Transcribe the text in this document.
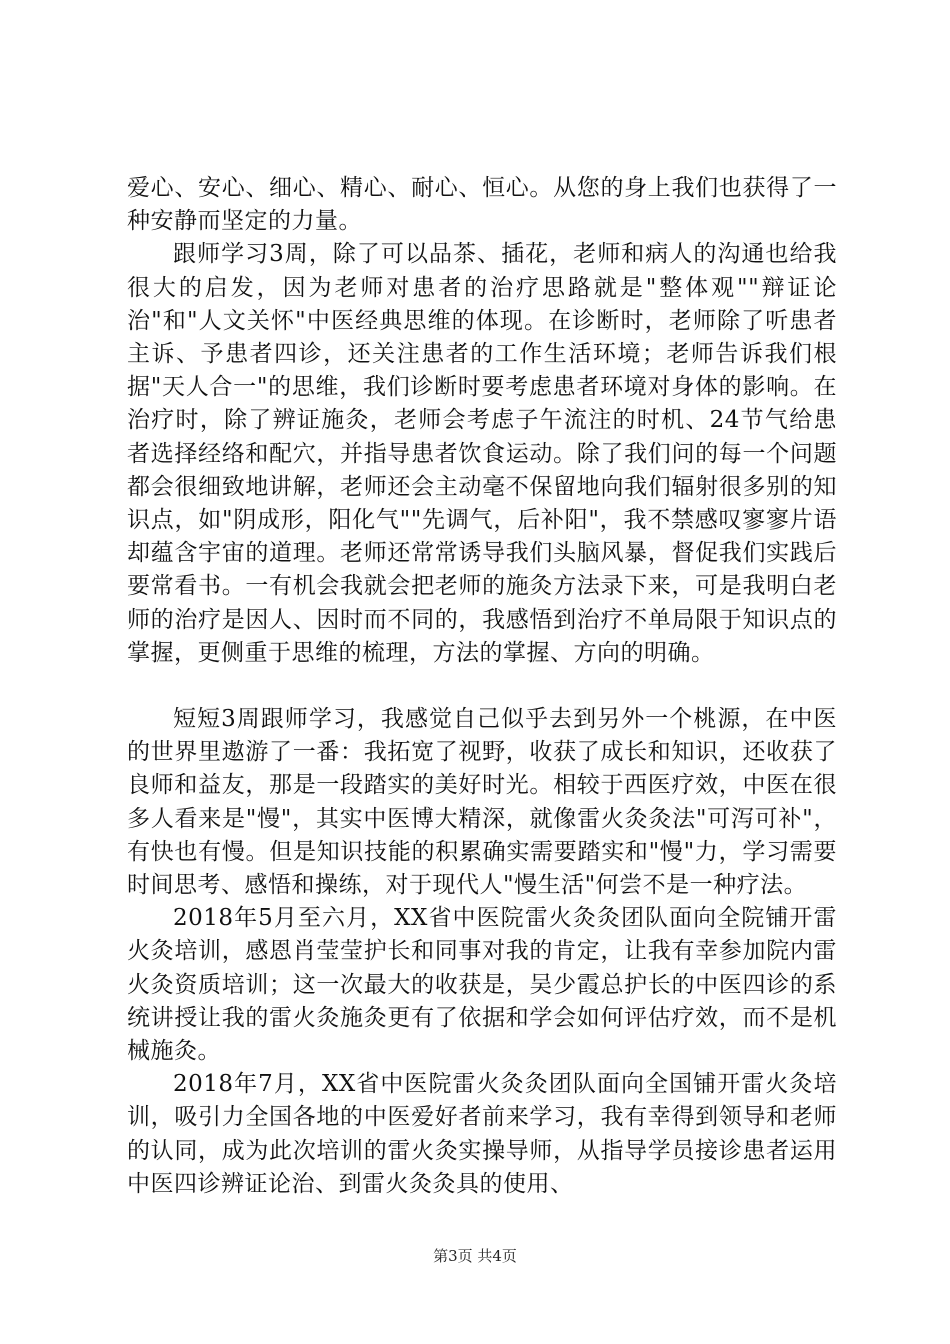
爱心、安心、细心、精心、耐心、恒心。从您的身上我们也获得了一种安静而坚定的力量。

跟师学习3周，除了可以品茶、插花，老师和病人的沟通也给我很大的启发，因为老师对患者的治疗思路就是"整体观""辩证论治"和"人文关怀"中医经典思维的体现。在诊断时，老师除了听患者主诉、予患者四诊，还关注患者的工作生活环境；老师告诉我们根据"天人合一"的思维，我们诊断时要考虑患者环境对身体的影响。在治疗时，除了辨证施灸，老师会考虑子午流注的时机、24节气给患者选择经络和配穴，并指导患者饮食运动。除了我们问的每一个问题都会很细致地讲解，老师还会主动毫不保留地向我们辐射很多别的知识点，如"阴成形，阳化气""先调气，后补阳"，我不禁感叹寥寥片语却蕴含宇宙的道理。老师还常常诱导我们头脑风暴，督促我们实践后要常看书。一有机会我就会把老师的施灸方法录下来，可是我明白老师的治疗是因人、因时而不同的，我感悟到治疗不单局限于知识点的掌握，更侧重于思维的梳理，方法的掌握、方向的明确。

短短3周跟师学习，我感觉自己似乎去到另外一个桃源，在中医的世界里遨游了一番：我拓宽了视野，收获了成长和知识，还收获了良师和益友，那是一段踏实的美好时光。相较于西医疗效，中医在很多人看来是"慢"，其实中医博大精深，就像雷火灸灸法"可泻可补"，有快也有慢。但是知识技能的积累确实需要踏实和"慢"力，学习需要时间思考、感悟和操练，对于现代人"慢生活"何尝不是一种疗法。

2018年5月至六月，XX省中医院雷火灸灸团队面向全院铺开雷火灸培训，感恩肖莹莹护长和同事对我的肯定，让我有幸参加院内雷火灸资质培训；这一次最大的收获是，吴少霞总护长的中医四诊的系统讲授让我的雷火灸施灸更有了依据和学会如何评估疗效，而不是机械施灸。

2018年7月，XX省中医院雷火灸灸团队面向全国铺开雷火灸培训，吸引力全国各地的中医爱好者前来学习，我有幸得到领导和老师的认同，成为此次培训的雷火灸实操导师，从指导学员接诊患者运用中医四诊辨证论治、到雷火灸灸具的使用、

第3页 共4页
